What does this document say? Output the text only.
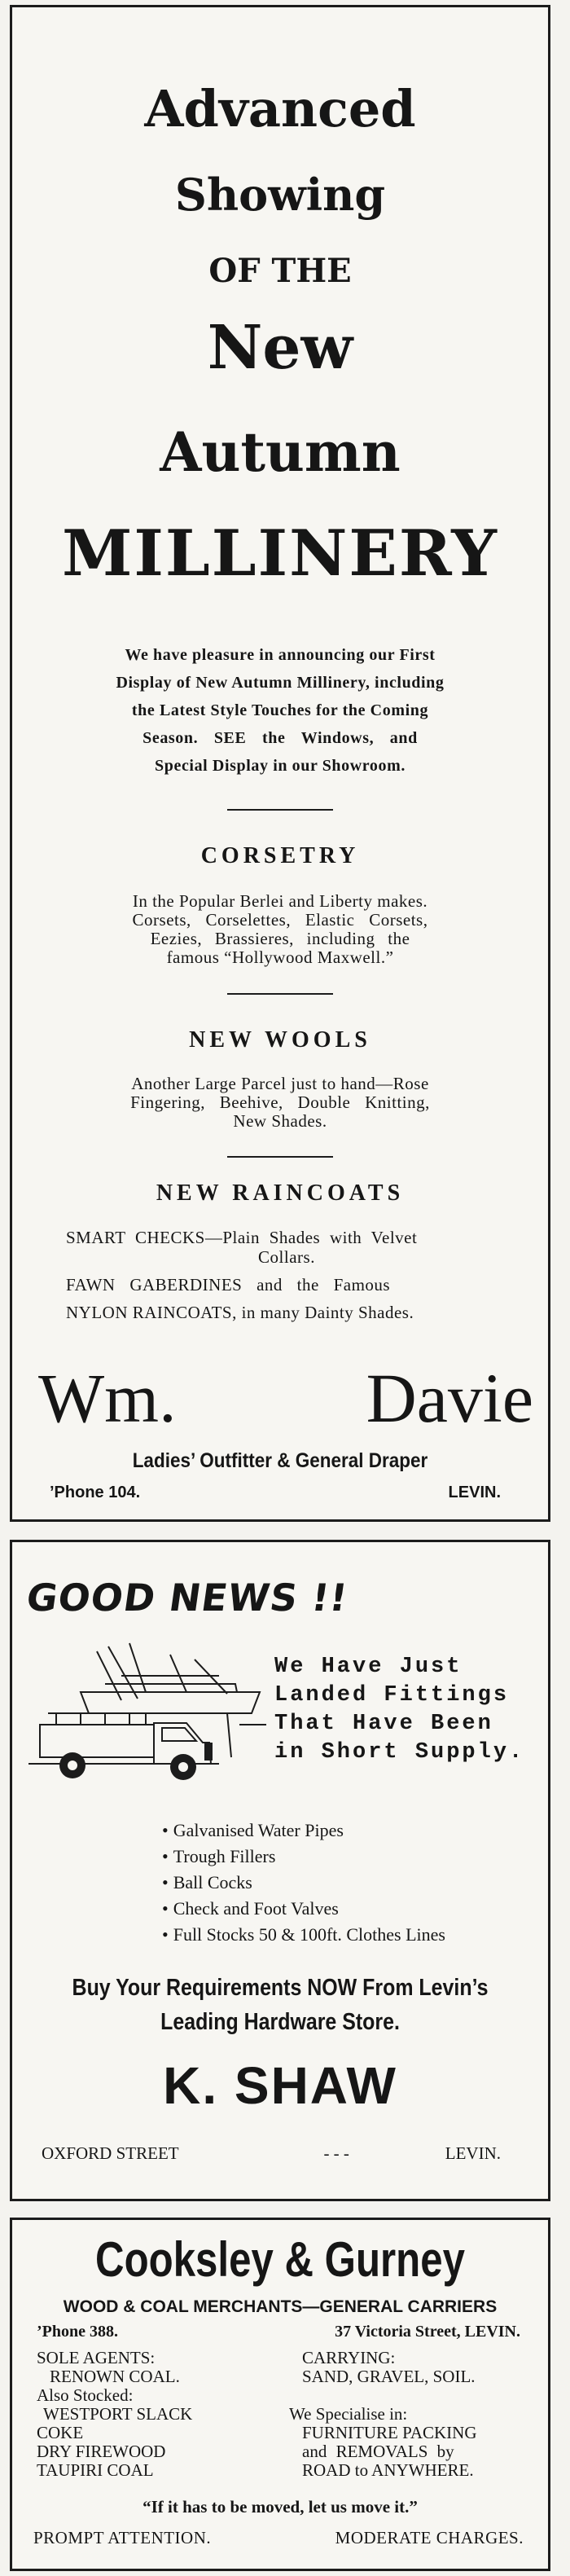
Advanced
Showing
OF THE
New
Autumn
MILLINERY
We have pleasure in announcing our First
Display of New Autumn Millinery, including
the Latest Style Touches for the Coming
Season. SEE the Windows, and
Special Display in our Showroom.
CORSETRY
In the Popular Berlei and Liberty makes.
Corsets, Corselettes, Elastic Corsets,
Eezies, Brassieres, including the
famous “Hollywood Maxwell.”
NEW WOOLS
Another Large Parcel just to hand—Rose
Fingering, Beehive, Double Knitting,
New Shades.
NEW RAINCOATS
SMART CHECKS—Plain Shades with Velvet
Collars.
FAWN GABERDINES and the Famous
NYLON RAINCOATS, in many Dainty Shades.
Wm.	Davie
Ladies’ Outfitter & General Draper
’Phone 104.	LEVIN.
GOOD NEWS !!
We Have Just
Landed Fittings
That Have Been
in Short Supply.
• Galvanised Water Pipes
• Trough Fillers
• Ball Cocks
• Check and Foot Valves
• Full Stocks 50 & 100ft. Clothes Lines
Buy Your Requirements NOW From Levin’s
Leading Hardware Store.
K. SHAW
OXFORD STREET	- - -	LEVIN.
Cooksley & Gurney
WOOD & COAL MERCHANTS—GENERAL CARRIERS
’Phone 388.	37 Victoria Street, LEVIN.
SOLE AGENTS:
RENOWN COAL.
Also Stocked:
WESTPORT SLACK
COKE
DRY FIREWOOD
TAUPIRI COAL
CARRYING:
SAND, GRAVEL, SOIL.
We Specialise in:
FURNITURE PACKING
and REMOVALS by
ROAD to ANYWHERE.
“If it has to be moved, let us move it.”
PROMPT ATTENTION.	MODERATE CHARGES.
